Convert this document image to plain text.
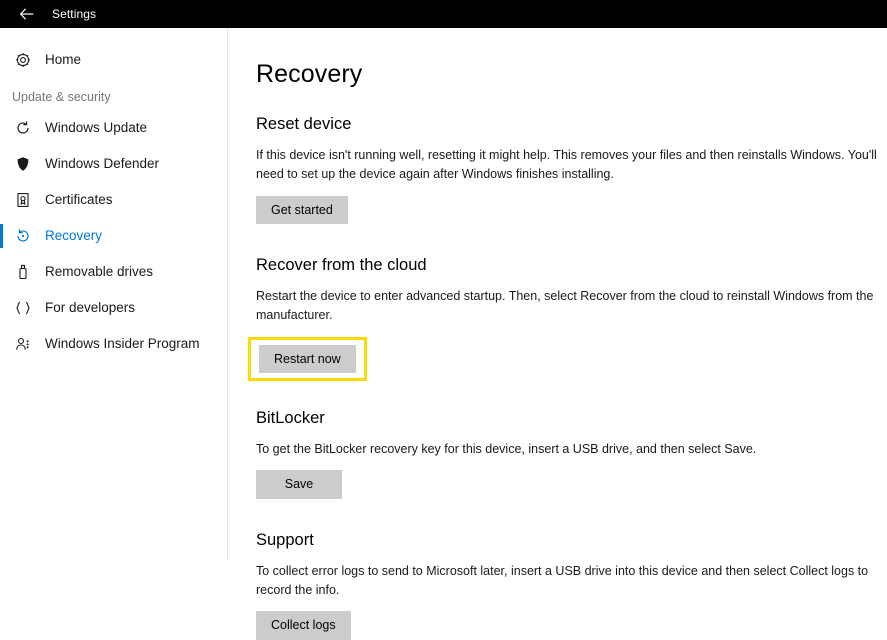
Settings
Home
Update & security
Windows Update
Windows Defender
Certificates
Recovery
Removable drives
For developers
Windows Insider Program
Recovery
Reset device

If this device isn't running well, resetting it might help. This removes your files and then reinstalls Windows. You'll need to set up the device again after Windows finishes installing.

Get started
Recover from the cloud

Restart the device to enter advanced startup. Then, select Recover from the cloud to reinstall Windows from the manufacturer.

Restart now
BitLocker

To get the BitLocker recovery key for this device, insert a USB drive, and then select Save.

Save
Support

To collect error logs to send to Microsoft later, insert a USB drive into this device and then select Collect logs to record the info.

Collect logs
